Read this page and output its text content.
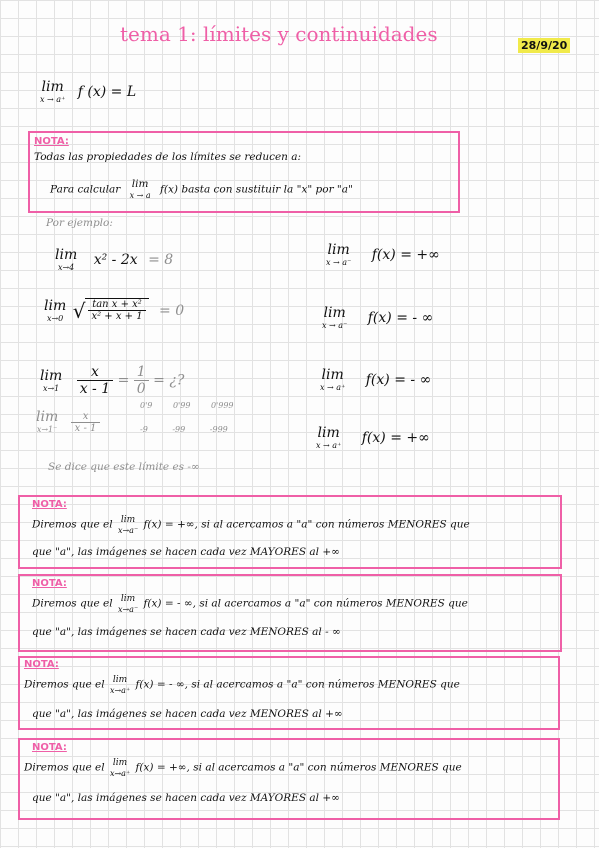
tema 1: límites y continuidades	28/9/20
lim
x → a⁺ f (x) = L
NOTA:
Todas las propiedades de los límites se reducen a:
Para calcular lim
x → a f(x) basta con sustituir la "x" por "a"
Por ejemplo:
lim
x→4 x² - 2x = 8
lim
x→0 √ $\frac{\text{tan x + x²}}{\text{x² + x + 1}} = 0$
lim
x→1
$\frac{x}{x - 1} = \frac{1}{0}$ = ¿?
lim
x→1⁻
$\frac{x}{x - 1}$
0'9	0'99	0'999
-9	-99	-999
Se dice que este límite es -∞
lim
x → a⁻ f(x) = +∞
lim
x → a⁻ f(x) = - ∞
lim
x → a⁺ f(x) = - ∞
lim
x → a⁺ f(x) = +∞
NOTA:
Diremos que el lim
x→a⁻ f(x) = +∞, si al acercamos a "a" con números MENORES que
que "a", las imágenes se hacen cada vez MAYORES al +∞
NOTA:
Diremos que el lim
x→a⁻ f(x) = - ∞, si al acercamos a "a" con números MENORES que
que "a", las imágenes se hacen cada vez MENORES al - ∞
NOTA:
Diremos que el lim
x→a⁺ f(x) = - ∞, si al acercamos a "a" con números MENORES que
que "a", las imágenes se hacen cada vez MENORES al +∞
NOTA:
Diremos que el lim
x→a⁺ f(x) = +∞, si al acercamos a "a" con números MENORES que
que "a", las imágenes se hacen cada vez MAYORES al +∞
